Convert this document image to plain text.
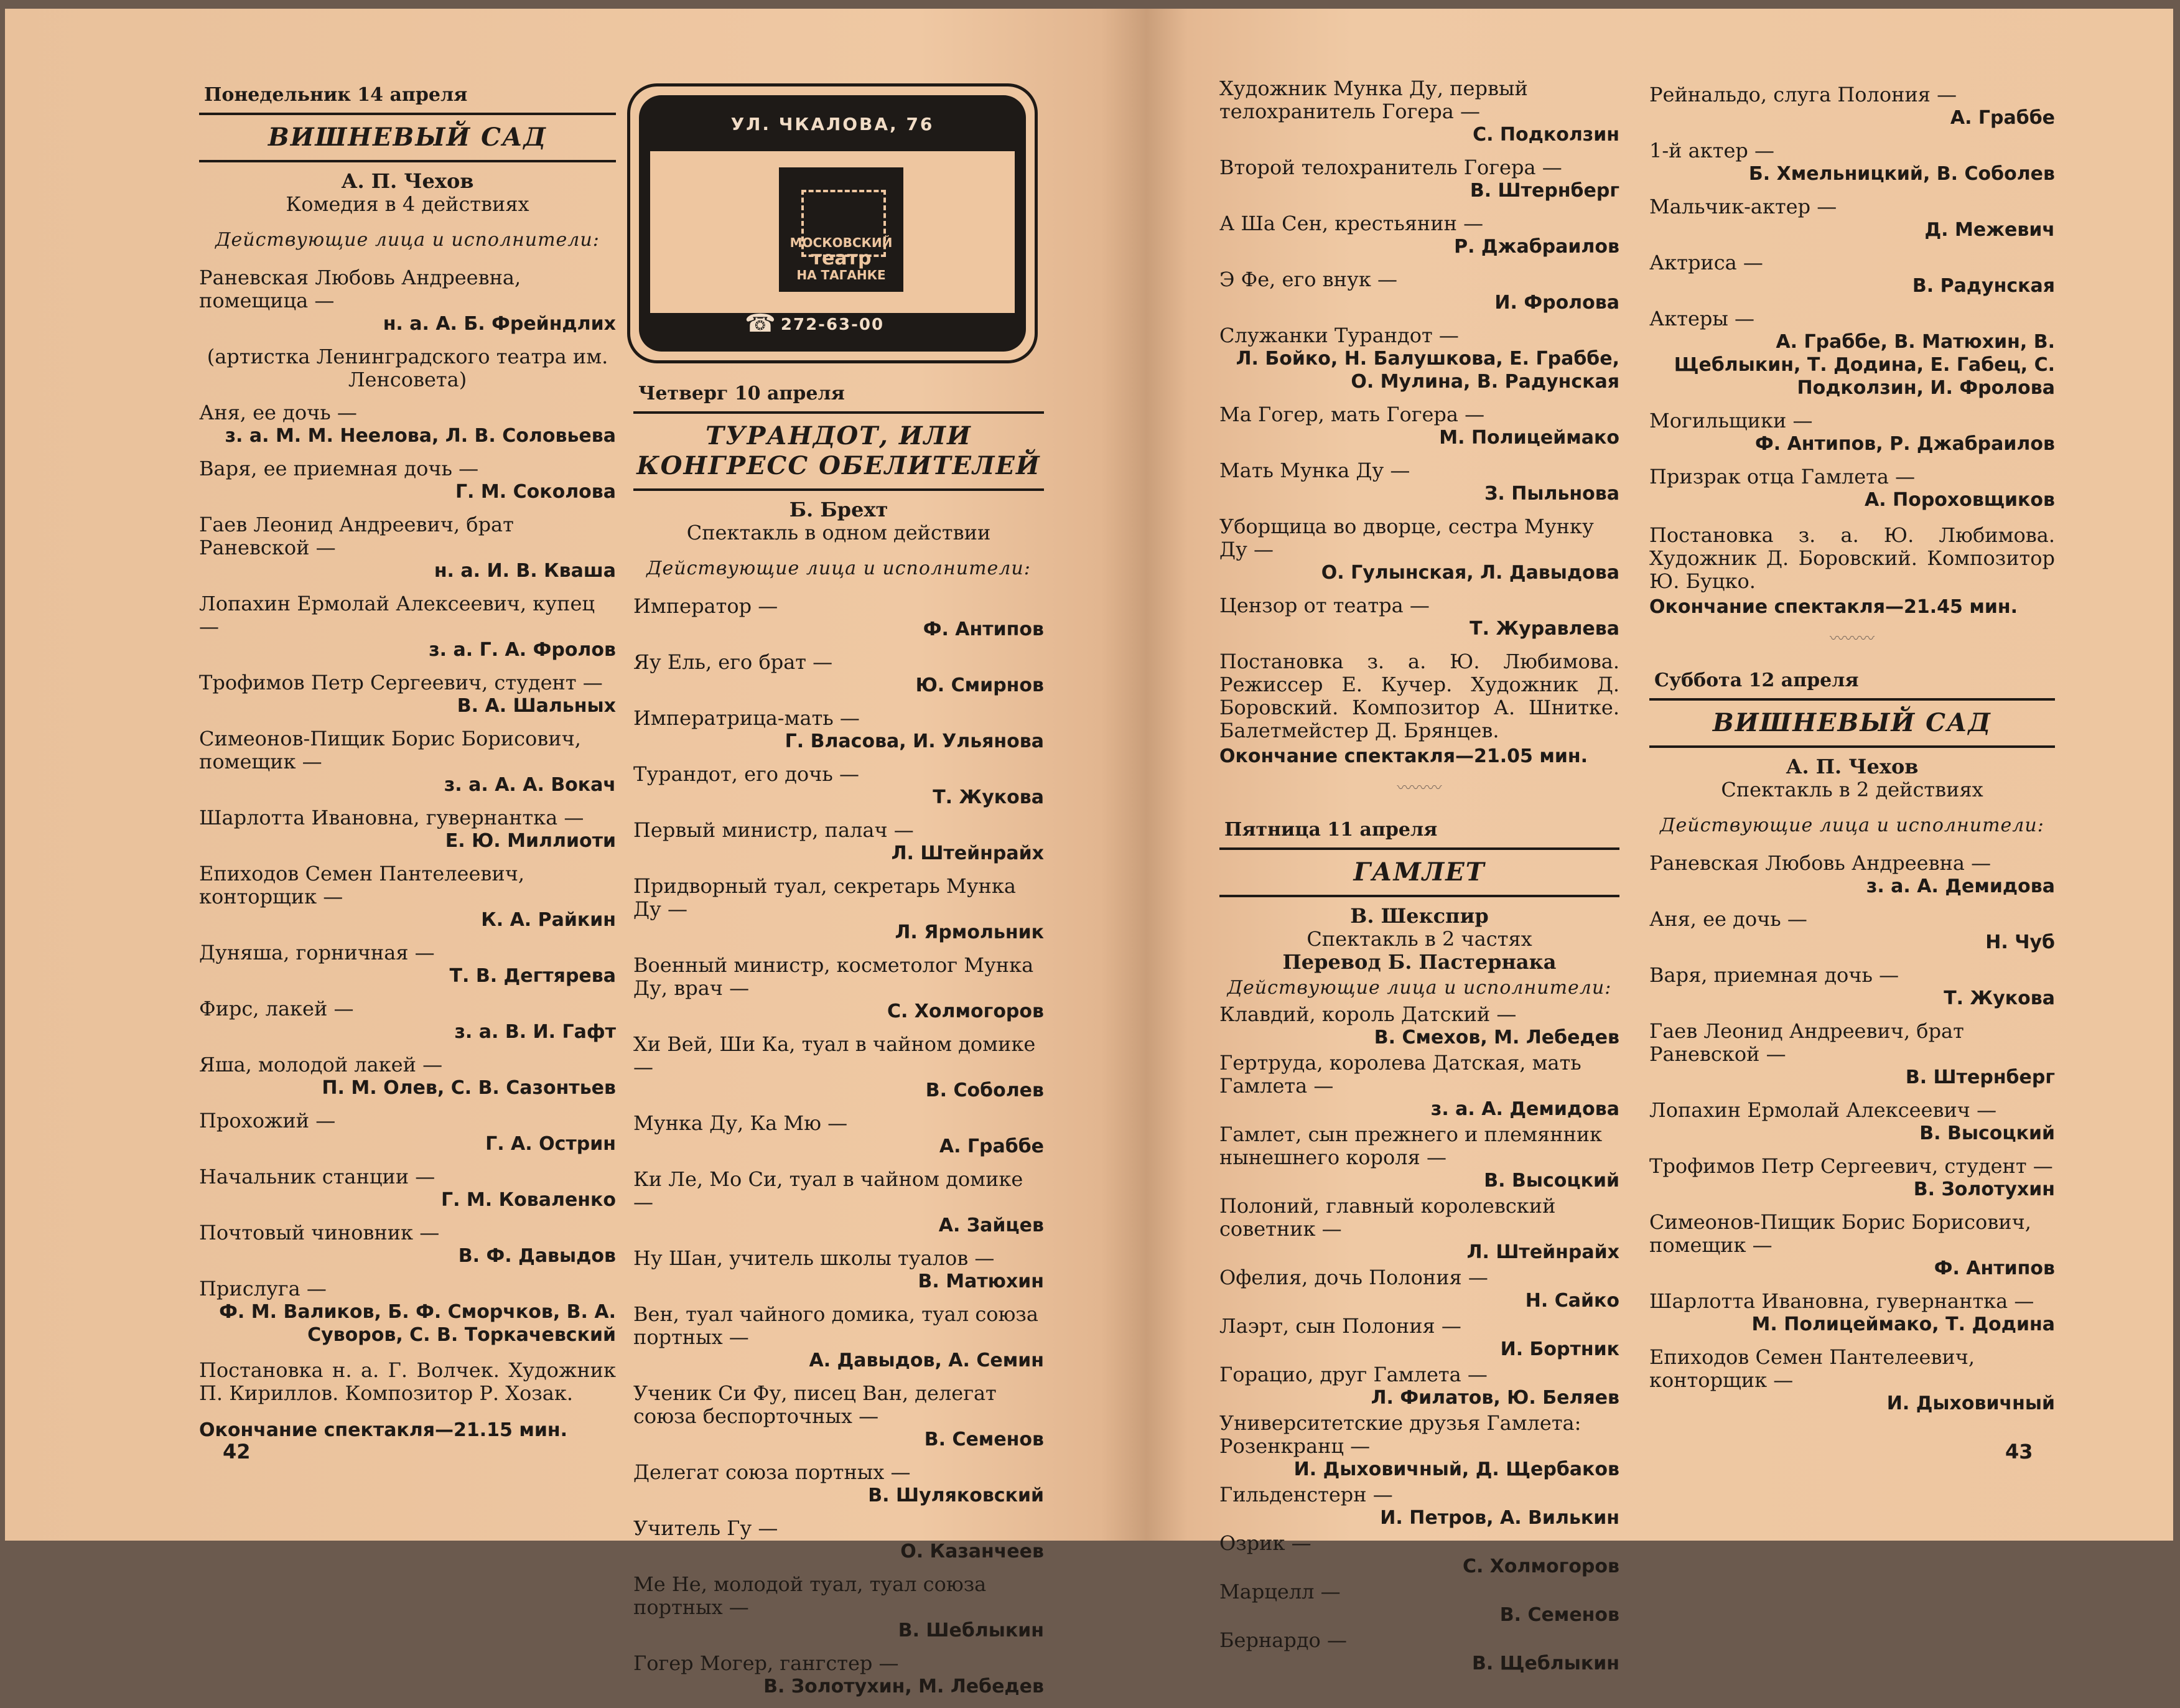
Понедельник 14 апреля
ВИШНЕВЫЙ САД
А. П. Чехов
Комедия в 4 действиях
Действующие лица и исполнители:
Раневская Любовь Андреевна, помещица —
н. а. А. Б. Фрейндлих
(артистка Ленинградского театра им. Ленсовета)
Аня, ее дочь —
з. а. М. М. Неелова, Л. В. Соловьева
Варя, ее приемная дочь —
Г. М. Соколова
Гаев Леонид Андреевич, брат Раневской —
н. а. И. В. Кваша
Лопахин Ермолай Алексеевич, купец —
з. а. Г. А. Фролов
Трофимов Петр Сергеевич, студент —
В. А. Шальных
Симеонов-Пищик Борис Борисович, помещик —
з. а. А. А. Вокач
Шарлотта Ивановна, гувернантка —
Е. Ю. Миллиоти
Епиходов Семен Пантелеевич, конторщик —
К. А. Райкин
Дуняша, горничная —
Т. В. Дегтярева
Фирс, лакей —
з. а. В. И. Гафт
Яша, молодой лакей —
П. М. Олев, С. В. Сазонтьев
Прохожий —
Г. А. Острин
Начальник станции —
Г. М. Коваленко
Почтовый чиновник —
В. Ф. Давыдов
Прислуга —
Ф. М. Валиков, Б. Ф. Сморчков, В. А. Суворов, С. В. Торкачевский
Постановка н. а. Г. Волчек. Художник П. Кириллов. Композитор Р. Хозак.
Окончание спектакля—21.15 мин.
УЛ. ЧКАЛОВА, 76
МОСКОВСКИЙ
театр
НА ТАГАНКЕ
☎ 272-63-00
Четверг 10 апреля
ТУРАНДОТ, ИЛИ КОНГРЕСС ОБЕЛИТЕЛЕЙ
Б. Брехт
Спектакль в одном действии
Действующие лица и исполнители:
Император —
Ф. Антипов
Яу Ель, его брат —
Ю. Смирнов
Императрица-мать —
Г. Власова, И. Ульянова
Турандот, его дочь —
Т. Жукова
Первый министр, палач —
Л. Штейнрайх
Придворный туал, секретарь Мунка Ду —
Л. Ярмольник
Военный министр, косметолог Мунка Ду, врач —
С. Холмогоров
Хи Вей, Ши Ка, туал в чайном домике —
В. Соболев
Мунка Ду, Ка Мю —
А. Граббе
Ки Ле, Мо Си, туал в чайном домике —
А. Зайцев
Ну Шан, учитель школы туалов —
В. Матюхин
Вен, туал чайного домика, туал союза портных —
А. Давыдов, А. Семин
Ученик Си Фу, писец Ван, делегат союза беспорточных —
В. Семенов
Делегат союза портных —
В. Шуляковский
Учитель Гу —
О. Казанчеев
Ме Не, молодой туал, туал союза портных —
В. Шеблыкин
Гогер Могер, гангстер —
В. Золотухин, М. Лебедев
42
Художник Мунка Ду, первый телохранитель Гогера —
С. Подколзин
Второй телохранитель Гогера —
В. Штернберг
А Ша Сен, крестьянин —
Р. Джабраилов
Э Фе, его внук —
И. Фролова
Служанки Турандот —
Л. Бойко, Н. Балушкова, Е. Граббе, О. Мулина, В. Радунская
Ма Гогер, мать Гогера —
М. Полицеймако
Мать Мунка Ду —
З. Пыльнова
Уборщица во дворце, сестра Мунку Ду —
О. Гулынская, Л. Давыдова
Цензор от театра —
Т. Журавлева
Постановка з. а. Ю. Любимова. Режиссер Е. Кучер. Художник Д. Боровский. Композитор А. Шнитке. Балетмейстер Д. Брянцев.
Окончание спектакля—21.05 мин.
〰〰〰
Пятница 11 апреля
ГАМЛЕТ
В. Шекспир
Спектакль в 2 частях
Перевод Б. Пастернака
Действующие лица и исполнители:
Клавдий, король Датский —
В. Смехов, М. Лебедев
Гертруда, королева Датская, мать Гамлета —
з. а. А. Демидова
Гамлет, сын прежнего и племянник нынешнего короля —
В. Высоцкий
Полоний, главный королевский советник —
Л. Штейнрайх
Офелия, дочь Полония —
Н. Сайко
Лаэрт, сын Полония —
И. Бортник
Горацио, друг Гамлета —
Л. Филатов, Ю. Беляев
Университетские друзья Гамлета: Розенкранц —
И. Дыховичный, Д. Щербаков
Гильденстерн —
И. Петров, А. Вилькин
Озрик —
С. Холмогоров
Марцелл —
В. Семенов
Бернардо —
В. Щеблыкин
Рейнальдо, слуга Полония —
А. Граббе
1-й актер —
Б. Хмельницкий, В. Соболев
Мальчик-актер —
Д. Межевич
Актриса —
В. Радунская
Актеры —
А. Граббе, В. Матюхин, В. Щеблыкин, Т. Додина, Е. Габец, С. Подколзин, И. Фролова
Могильщики —
Ф. Антипов, Р. Джабраилов
Призрак отца Гамлета —
А. Пороховщиков
Постановка з. а. Ю. Любимова. Художник Д. Боровский. Композитор Ю. Буцко.
Окончание спектакля—21.45 мин.
〰〰〰
Суббота 12 апреля
ВИШНЕВЫЙ САД
А. П. Чехов
Спектакль в 2 действиях
Действующие лица и исполнители:
Раневская Любовь Андреевна —
з. а. А. Демидова
Аня, ее дочь —
Н. Чуб
Варя, приемная дочь —
Т. Жукова
Гаев Леонид Андреевич, брат Раневской —
В. Штернберг
Лопахин Ермолай Алексеевич —
В. Высоцкий
Трофимов Петр Сергеевич, студент —
В. Золотухин
Симеонов-Пищик Борис Борисович, помещик —
Ф. Антипов
Шарлотта Ивановна, гувернантка —
М. Полицеймако, Т. Додина
Епиходов Семен Пантелеевич, конторщик —
И. Дыховичный
43
